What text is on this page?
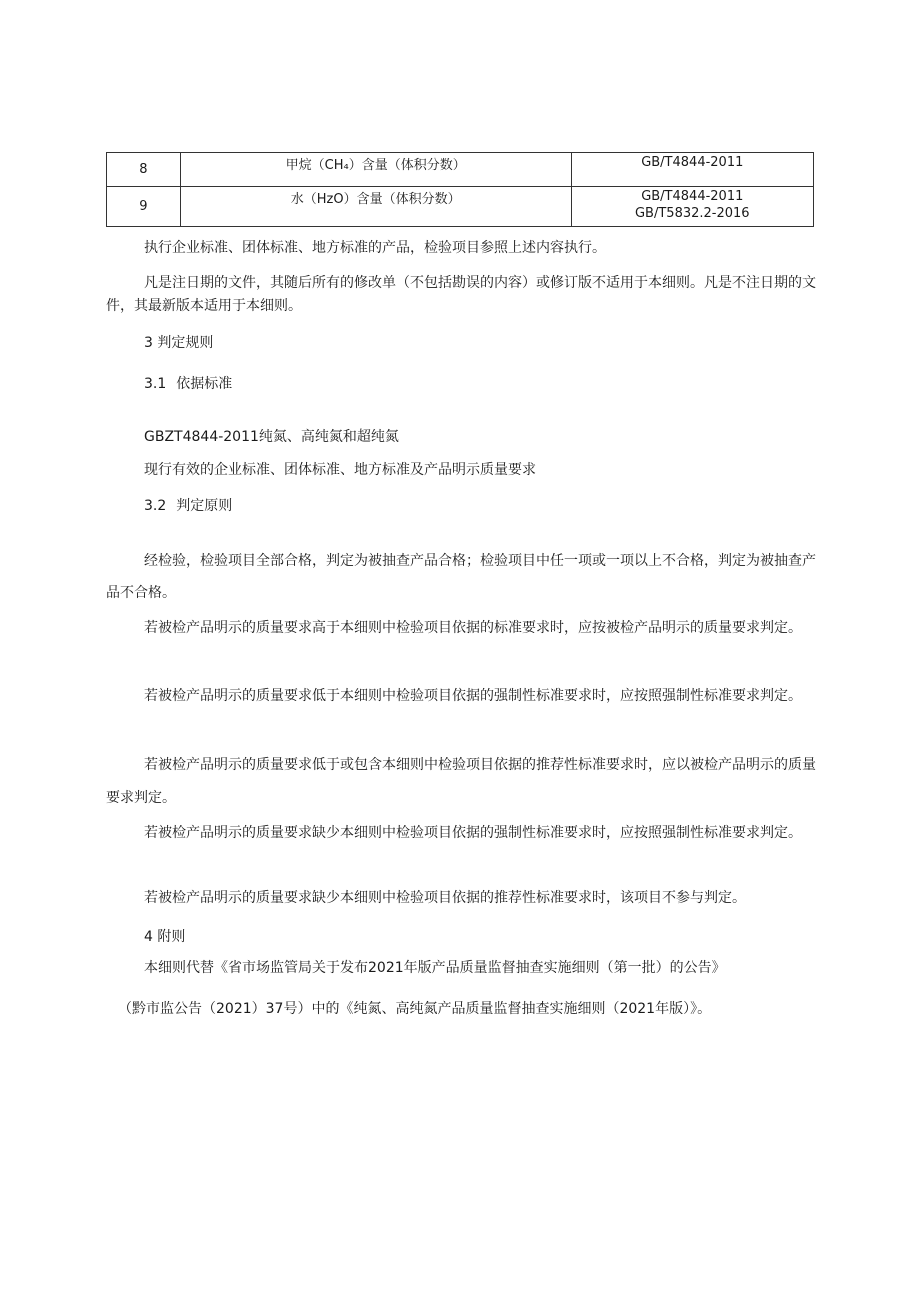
8	甲烷（CH₄）含量（体积分数）	GB/T4844-2011

9	水（HzO）含量（体积分数）	GB/T4844-2011
GB/T5832.2-2016

执行企业标准、团体标准、地方标准的产品，检验项目参照上述内容执行。

凡是注日期的文件，其随后所有的修改单（不包括勘误的内容）或修订版不适用于本细则。凡是不注日期的文件，其最新版本适用于本细则。

3 判定规则

3.1 依据标准

GBZT4844-2011纯氮、高纯氮和超纯氮

现行有效的企业标准、团体标准、地方标准及产品明示质量要求

3.2 判定原则

经检验，检验项目全部合格，判定为被抽查产品合格；检验项目中任一项或一项以上不合格，判定为被抽查产品不合格。

若被检产品明示的质量要求高于本细则中检验项目依据的标准要求时，应按被检产品明示的质量要求判定。

若被检产品明示的质量要求低于本细则中检验项目依据的强制性标准要求时，应按照强制性标准要求判定。

若被检产品明示的质量要求低于或包含本细则中检验项目依据的推荐性标准要求时，应以被检产品明示的质量要求判定。

若被检产品明示的质量要求缺少本细则中检验项目依据的强制性标准要求时，应按照强制性标准要求判定。

若被检产品明示的质量要求缺少本细则中检验项目依据的推荐性标准要求时，该项目不参与判定。

4 附则

本细则代替《省市场监管局关于发布2021年版产品质量监督抽查实施细则（第一批）的公告》

（黔市监公告（2021）37号）中的《纯氮、高纯氮产品质量监督抽查实施细则（2021年版）》。
